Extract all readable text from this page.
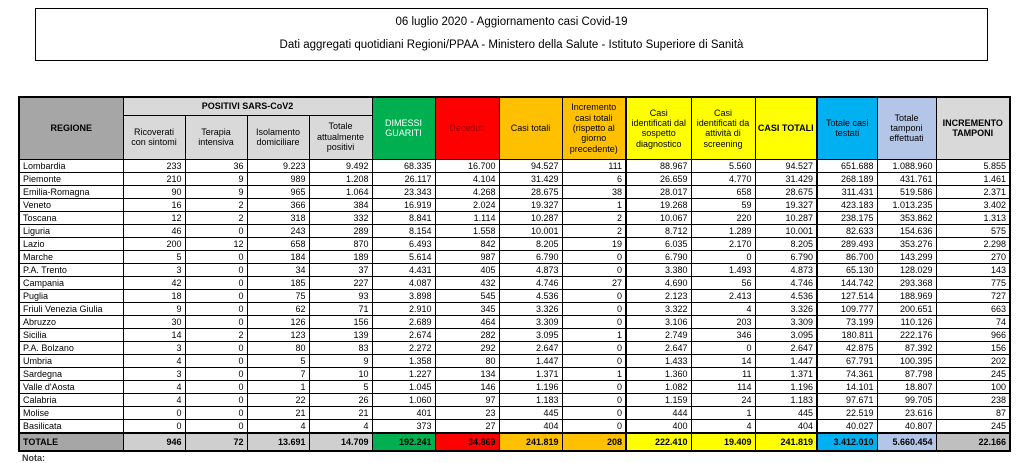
06 luglio 2020 - Aggiornamento casi Covid-19
Dati aggregati quotidiani Regioni/PPAA - Ministero della Salute - Istituto Superiore di Sanità
REGIONE	POSITIVI SARS-CoV2				DIMESSI GUARITI	Deceduti	Casi totali	Incremento casi totali (rispetto al giorno precedente)	Casi identificati dal sospetto diagnostico	Casi identificati da attività di screening	CASI TOTALI	Totale casi testati	Totale tamponi effettuati	INCREMENTO TAMPONI
	Ricoverati con sintomi	Terapia intensiva	Isolamento domiciliare	Totale attualmente positivi										
Lombardia	233	36	9.223	9.492	68.335	16.700	94.527	111	88.967	5.560	94.527	651.688	1.088.960	5.855
Piemonte	210	9	989	1.208	26.117	4.104	31.429	6	26.659	4.770	31.429	268.189	431.761	1.461
Emilia-Romagna	90	9	965	1.064	23.343	4.268	28.675	38	28.017	658	28.675	311.431	519.586	2.371
Veneto	16	2	366	384	16.919	2.024	19.327	1	19.268	59	19.327	423.183	1.013.235	3.402
Toscana	12	2	318	332	8.841	1.114	10.287	2	10.067	220	10.287	238.175	353.862	1.313
Liguria	46	0	243	289	8.154	1.558	10.001	2	8.712	1.289	10.001	82.633	154.636	575
Lazio	200	12	658	870	6.493	842	8.205	19	6.035	2.170	8.205	289.493	353.276	2.298
Marche	5	0	184	189	5.614	987	6.790	0	6.790	0	6.790	86.700	143.299	270
P.A. Trento	3	0	34	37	4.431	405	4.873	0	3.380	1.493	4.873	65.130	128.029	143
Campania	42	0	185	227	4.087	432	4.746	27	4.690	56	4.746	144.742	293.368	775
Puglia	18	0	75	93	3.898	545	4.536	0	2.123	2.413	4.536	127.514	188.969	727
Friuli Venezia Giulia	9	0	62	71	2.910	345	3.326	0	3.322	4	3.326	109.777	200.651	663
Abruzzo	30	0	126	156	2.689	464	3.309	0	3.106	203	3.309	73.199	110.126	74
Sicilia	14	2	123	139	2.674	282	3.095	1	2.749	346	3.095	180.811	222.176	966
P.A. Bolzano	3	0	80	83	2.272	292	2.647	0	2.647	0	2.647	42.875	87.392	156
Umbria	4	0	5	9	1.358	80	1.447	0	1.433	14	1.447	67.791	100.395	202
Sardegna	3	0	7	10	1.227	134	1.371	1	1.360	11	1.371	74.361	87.798	245
Valle d'Aosta	4	0	1	5	1.045	146	1.196	0	1.082	114	1.196	14.101	18.807	100
Calabria	4	0	22	26	1.060	97	1.183	0	1.159	24	1.183	97.671	99.705	238
Molise	0	0	21	21	401	23	445	0	444	1	445	22.519	23.616	87
Basilicata	0	0	4	4	373	27	404	0	400	4	404	40.027	40.807	245
TOTALE	946	72	13.691	14.709	192.241	34.869	241.819	208	222.410	19.409	241.819	3.412.010	5.660.454	22.166
Nota:
